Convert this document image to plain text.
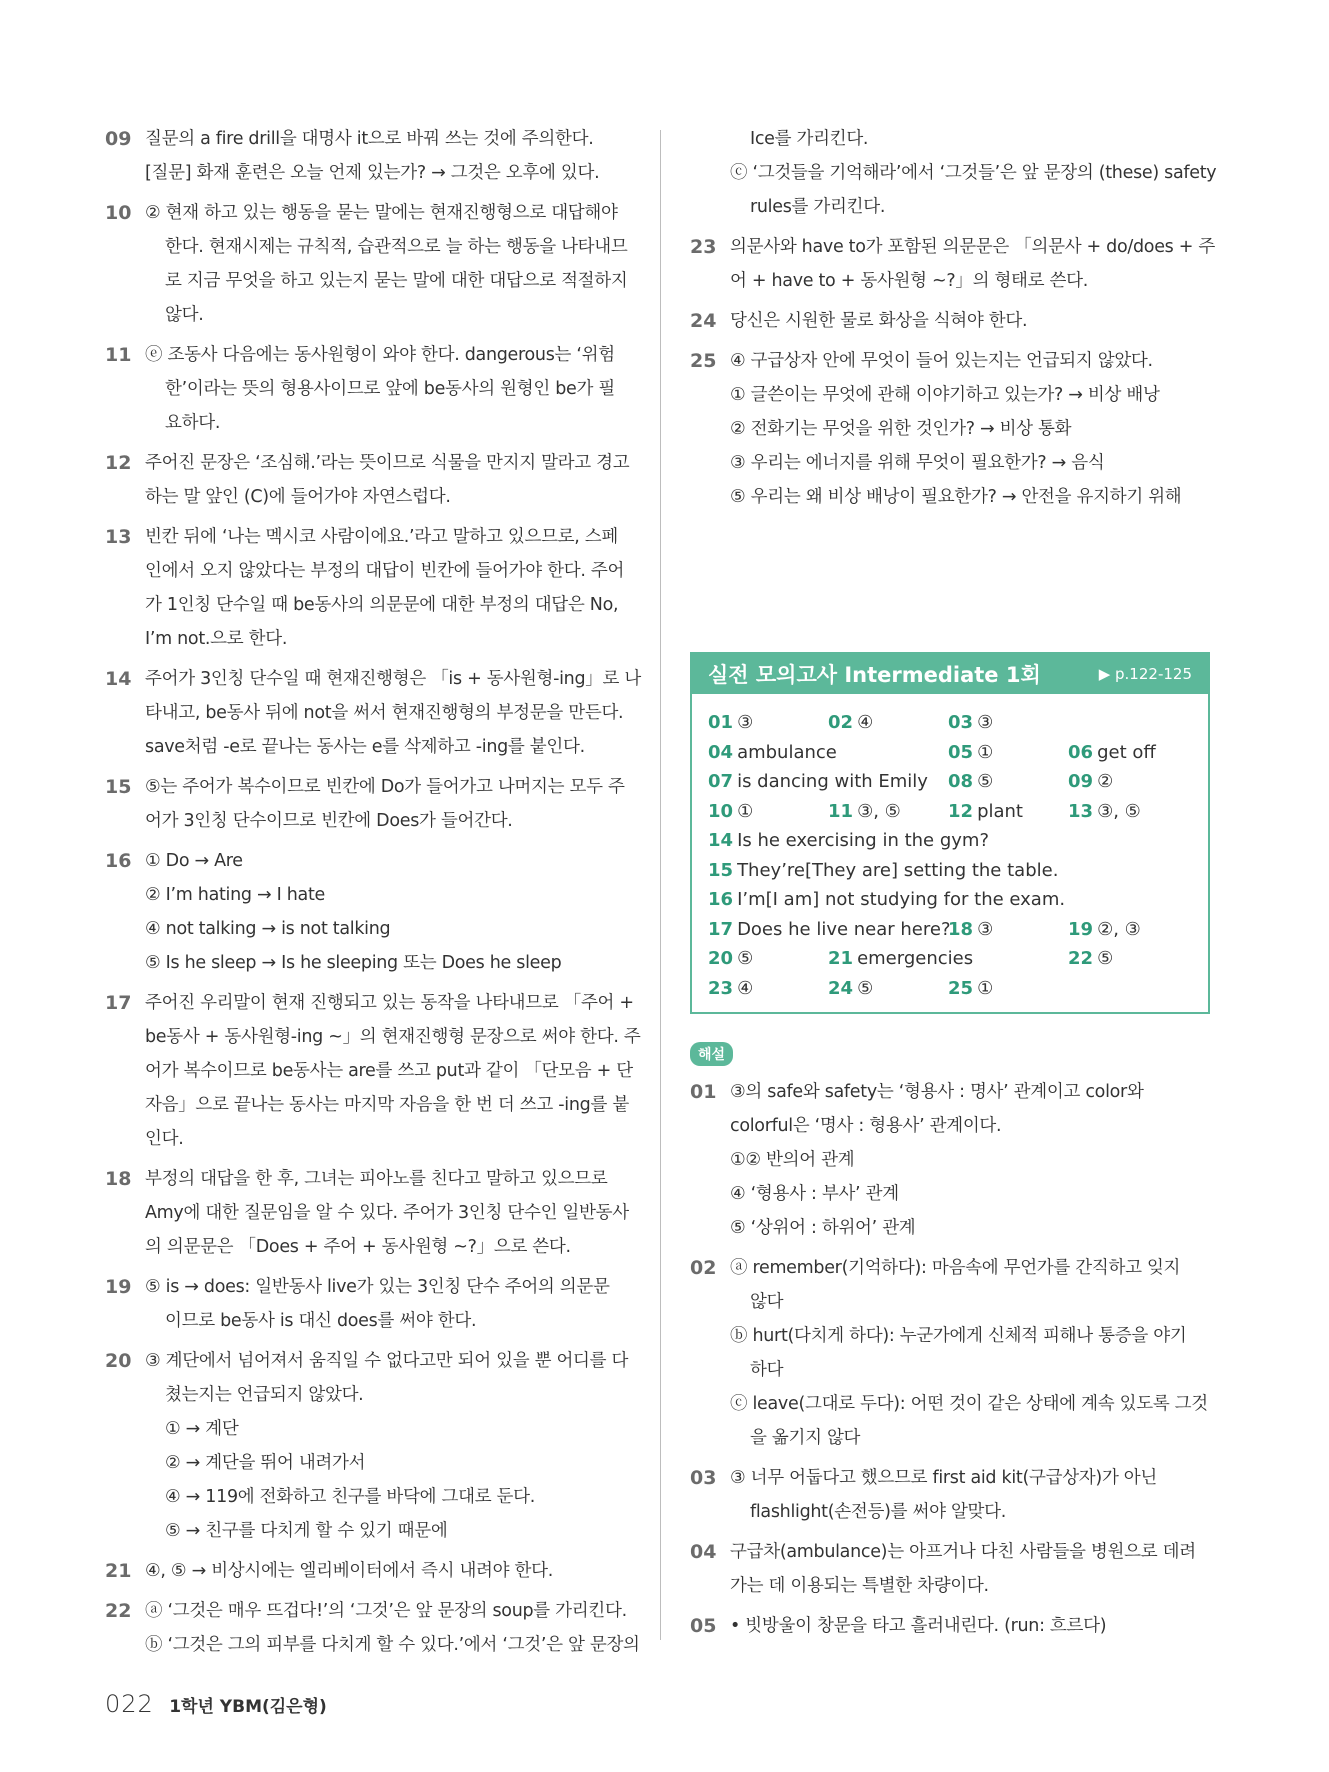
09 질문의 a fire drill을 대명사 it으로 바꿔 쓰는 것에 주의한다.
[질문] 화재 훈련은 오늘 언제 있는가? → 그것은 오후에 있다.
10 ② 현재 하고 있는 행동을 묻는 말에는 현재진행형으로 대답해야
한다. 현재시제는 규칙적, 습관적으로 늘 하는 행동을 나타내므
로 지금 무엇을 하고 있는지 묻는 말에 대한 대답으로 적절하지
않다.
11 ⓔ 조동사 다음에는 동사원형이 와야 한다. dangerous는 ‘위험
한’이라는 뜻의 형용사이므로 앞에 be동사의 원형인 be가 필
요하다.
12 주어진 문장은 ‘조심해.’라는 뜻이므로 식물을 만지지 말라고 경고
하는 말 앞인 (C)에 들어가야 자연스럽다.
13 빈칸 뒤에 ‘나는 멕시코 사람이에요.’라고 말하고 있으므로, 스페
인에서 오지 않았다는 부정의 대답이 빈칸에 들어가야 한다. 주어
가 1인칭 단수일 때 be동사의 의문문에 대한 부정의 대답은 No,
I’m not.으로 한다.
14 주어가 3인칭 단수일 때 현재진행형은 「is + 동사원형-ing」로 나
타내고, be동사 뒤에 not을 써서 현재진행형의 부정문을 만든다.
save처럼 -e로 끝나는 동사는 e를 삭제하고 -ing를 붙인다.
15 ⑤는 주어가 복수이므로 빈칸에 Do가 들어가고 나머지는 모두 주
어가 3인칭 단수이므로 빈칸에 Does가 들어간다.
16 ① Do → Are
② I’m hating → I hate
④ not talking → is not talking
⑤ Is he sleep → Is he sleeping 또는 Does he sleep
17 주어진 우리말이 현재 진행되고 있는 동작을 나타내므로 「주어 +
be동사 + 동사원형-ing ~」의 현재진행형 문장으로 써야 한다. 주
어가 복수이므로 be동사는 are를 쓰고 put과 같이 「단모음 + 단
자음」으로 끝나는 동사는 마지막 자음을 한 번 더 쓰고 -ing를 붙
인다.
18 부정의 대답을 한 후, 그녀는 피아노를 친다고 말하고 있으므로
Amy에 대한 질문임을 알 수 있다. 주어가 3인칭 단수인 일반동사
의 의문문은 「Does + 주어 + 동사원형 ~?」으로 쓴다.
19 ⑤ is → does: 일반동사 live가 있는 3인칭 단수 주어의 의문문
이므로 be동사 is 대신 does를 써야 한다.
20 ③ 계단에서 넘어져서 움직일 수 없다고만 되어 있을 뿐 어디를 다
쳤는지는 언급되지 않았다.
① → 계단
② → 계단을 뛰어 내려가서
④ → 119에 전화하고 친구를 바닥에 그대로 둔다.
⑤ → 친구를 다치게 할 수 있기 때문에
21 ④, ⑤ → 비상시에는 엘리베이터에서 즉시 내려야 한다.
22 ⓐ ‘그것은 매우 뜨겁다!’의 ‘그것’은 앞 문장의 soup를 가리킨다.
ⓑ ‘그것은 그의 피부를 다치게 할 수 있다.’에서 ‘그것’은 앞 문장의
Ice를 가리킨다.
ⓒ ‘그것들을 기억해라’에서 ‘그것들’은 앞 문장의 (these) safety
rules를 가리킨다.
23 의문사와 have to가 포함된 의문문은 「의문사 + do/does + 주
어 + have to + 동사원형 ~?」의 형태로 쓴다.
24 당신은 시원한 물로 화상을 식혀야 한다.
25 ④ 구급상자 안에 무엇이 들어 있는지는 언급되지 않았다.
① 글쓴이는 무엇에 관해 이야기하고 있는가? → 비상 배낭
② 전화기는 무엇을 위한 것인가? → 비상 통화
③ 우리는 에너지를 위해 무엇이 필요한가? → 음식
⑤ 우리는 왜 비상 배낭이 필요한가? → 안전을 유지하기 위해
실전 모의고사 Intermediate 1회	▶ p.122-125
01 ③	02 ④	03 ③
04 ambulance	05 ①	06 get off
07 is dancing with Emily	08 ⑤	09 ②
10 ①	11 ③, ⑤	12 plant	13 ③, ⑤
14 Is he exercising in the gym?
15 They’re[They are] setting the table.
16 I’m[I am] not studying for the exam.
17 Does he live near here?
18 ③	19 ②, ③
20 ⑤	21 emergencies	22 ⑤
23 ④	24 ⑤	25 ①
해설
01 ③의 safe와 safety는 ‘형용사 : 명사’ 관계이고 color와
colorful은 ‘명사 : 형용사’ 관계이다.
①② 반의어 관계
④ ‘형용사 : 부사’ 관계
⑤ ‘상위어 : 하위어’ 관계
02 ⓐ remember(기억하다): 마음속에 무언가를 간직하고 잊지
않다
ⓑ hurt(다치게 하다): 누군가에게 신체적 피해나 통증을 야기
하다
ⓒ leave(그대로 두다): 어떤 것이 같은 상태에 계속 있도록 그것
을 옮기지 않다
03 ③ 너무 어둡다고 했으므로 first aid kit(구급상자)가 아닌
flashlight(손전등)를 써야 알맞다.
04 구급차(ambulance)는 아프거나 다친 사람들을 병원으로 데려
가는 데 이용되는 특별한 차량이다.
05 • 빗방울이 창문을 타고 흘러내린다. (run: 흐르다)
022 1학년 YBM(김은형)
